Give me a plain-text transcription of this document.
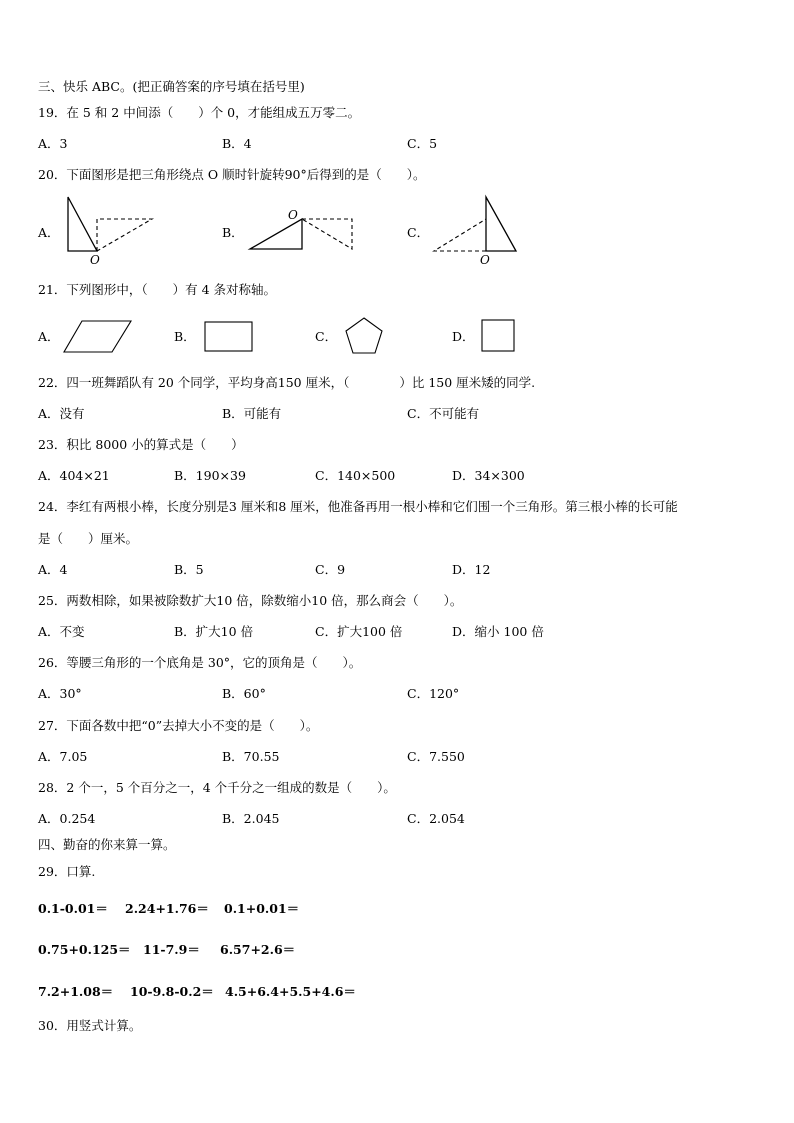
三、快乐 ABC。(把正确答案的序号填在括号里)
19．在 5 和 2 中间添（　　）个 0，才能组成五万零二。
A．3	B．4	C．5
20．下面图形是把三角形绕点 O 顺时针旋转90°后得到的是（　　）。
A．	B．	C．
O
O
O
21．下列图形中，（　　）有 4 条对称轴。
A．	B．	C．	D．
22．四一班舞蹈队有 20 个同学，平均身高150 厘米，（　　　　）比 150 厘米矮的同学.
A．没有	B．可能有	C．不可能有
23．积比 8000 小的算式是（　　）
A．404×21	B．190×39	C．140×500	D．34×300
24．李红有两根小棒，长度分别是3 厘米和8 厘米，他准备再用一根小棒和它们围一个三角形。第三根小棒的长可能
是（　　）厘米。
A．4	B．5	C．9	D．12
25．两数相除，如果被除数扩大10 倍，除数缩小10 倍，那么商会（　　）。
A．不变	B．扩大10 倍	C．扩大100 倍	D．缩小 100 倍
26．等腰三角形的一个底角是 30°，它的顶角是（　　）。
A．30°	B．60°	C．120°
27．下面各数中把“0”去掉大小不变的是（　　）。
A．7.05	B．70.55	C．7.550
28．2 个一，5 个百分之一，4 个千分之一组成的数是（　　）。
A．0.254	B．2.045	C．2.054
四、勤奋的你来算一算。
29．口算.
0.1-0.01＝ 2.24+1.76＝ 0.1+0.01＝
0.75+0.125＝ 11-7.9＝ 6.57+2.6＝
7.2+1.08＝ 10-9.8-0.2＝ 4.5+6.4+5.5+4.6＝
30．用竖式计算。
